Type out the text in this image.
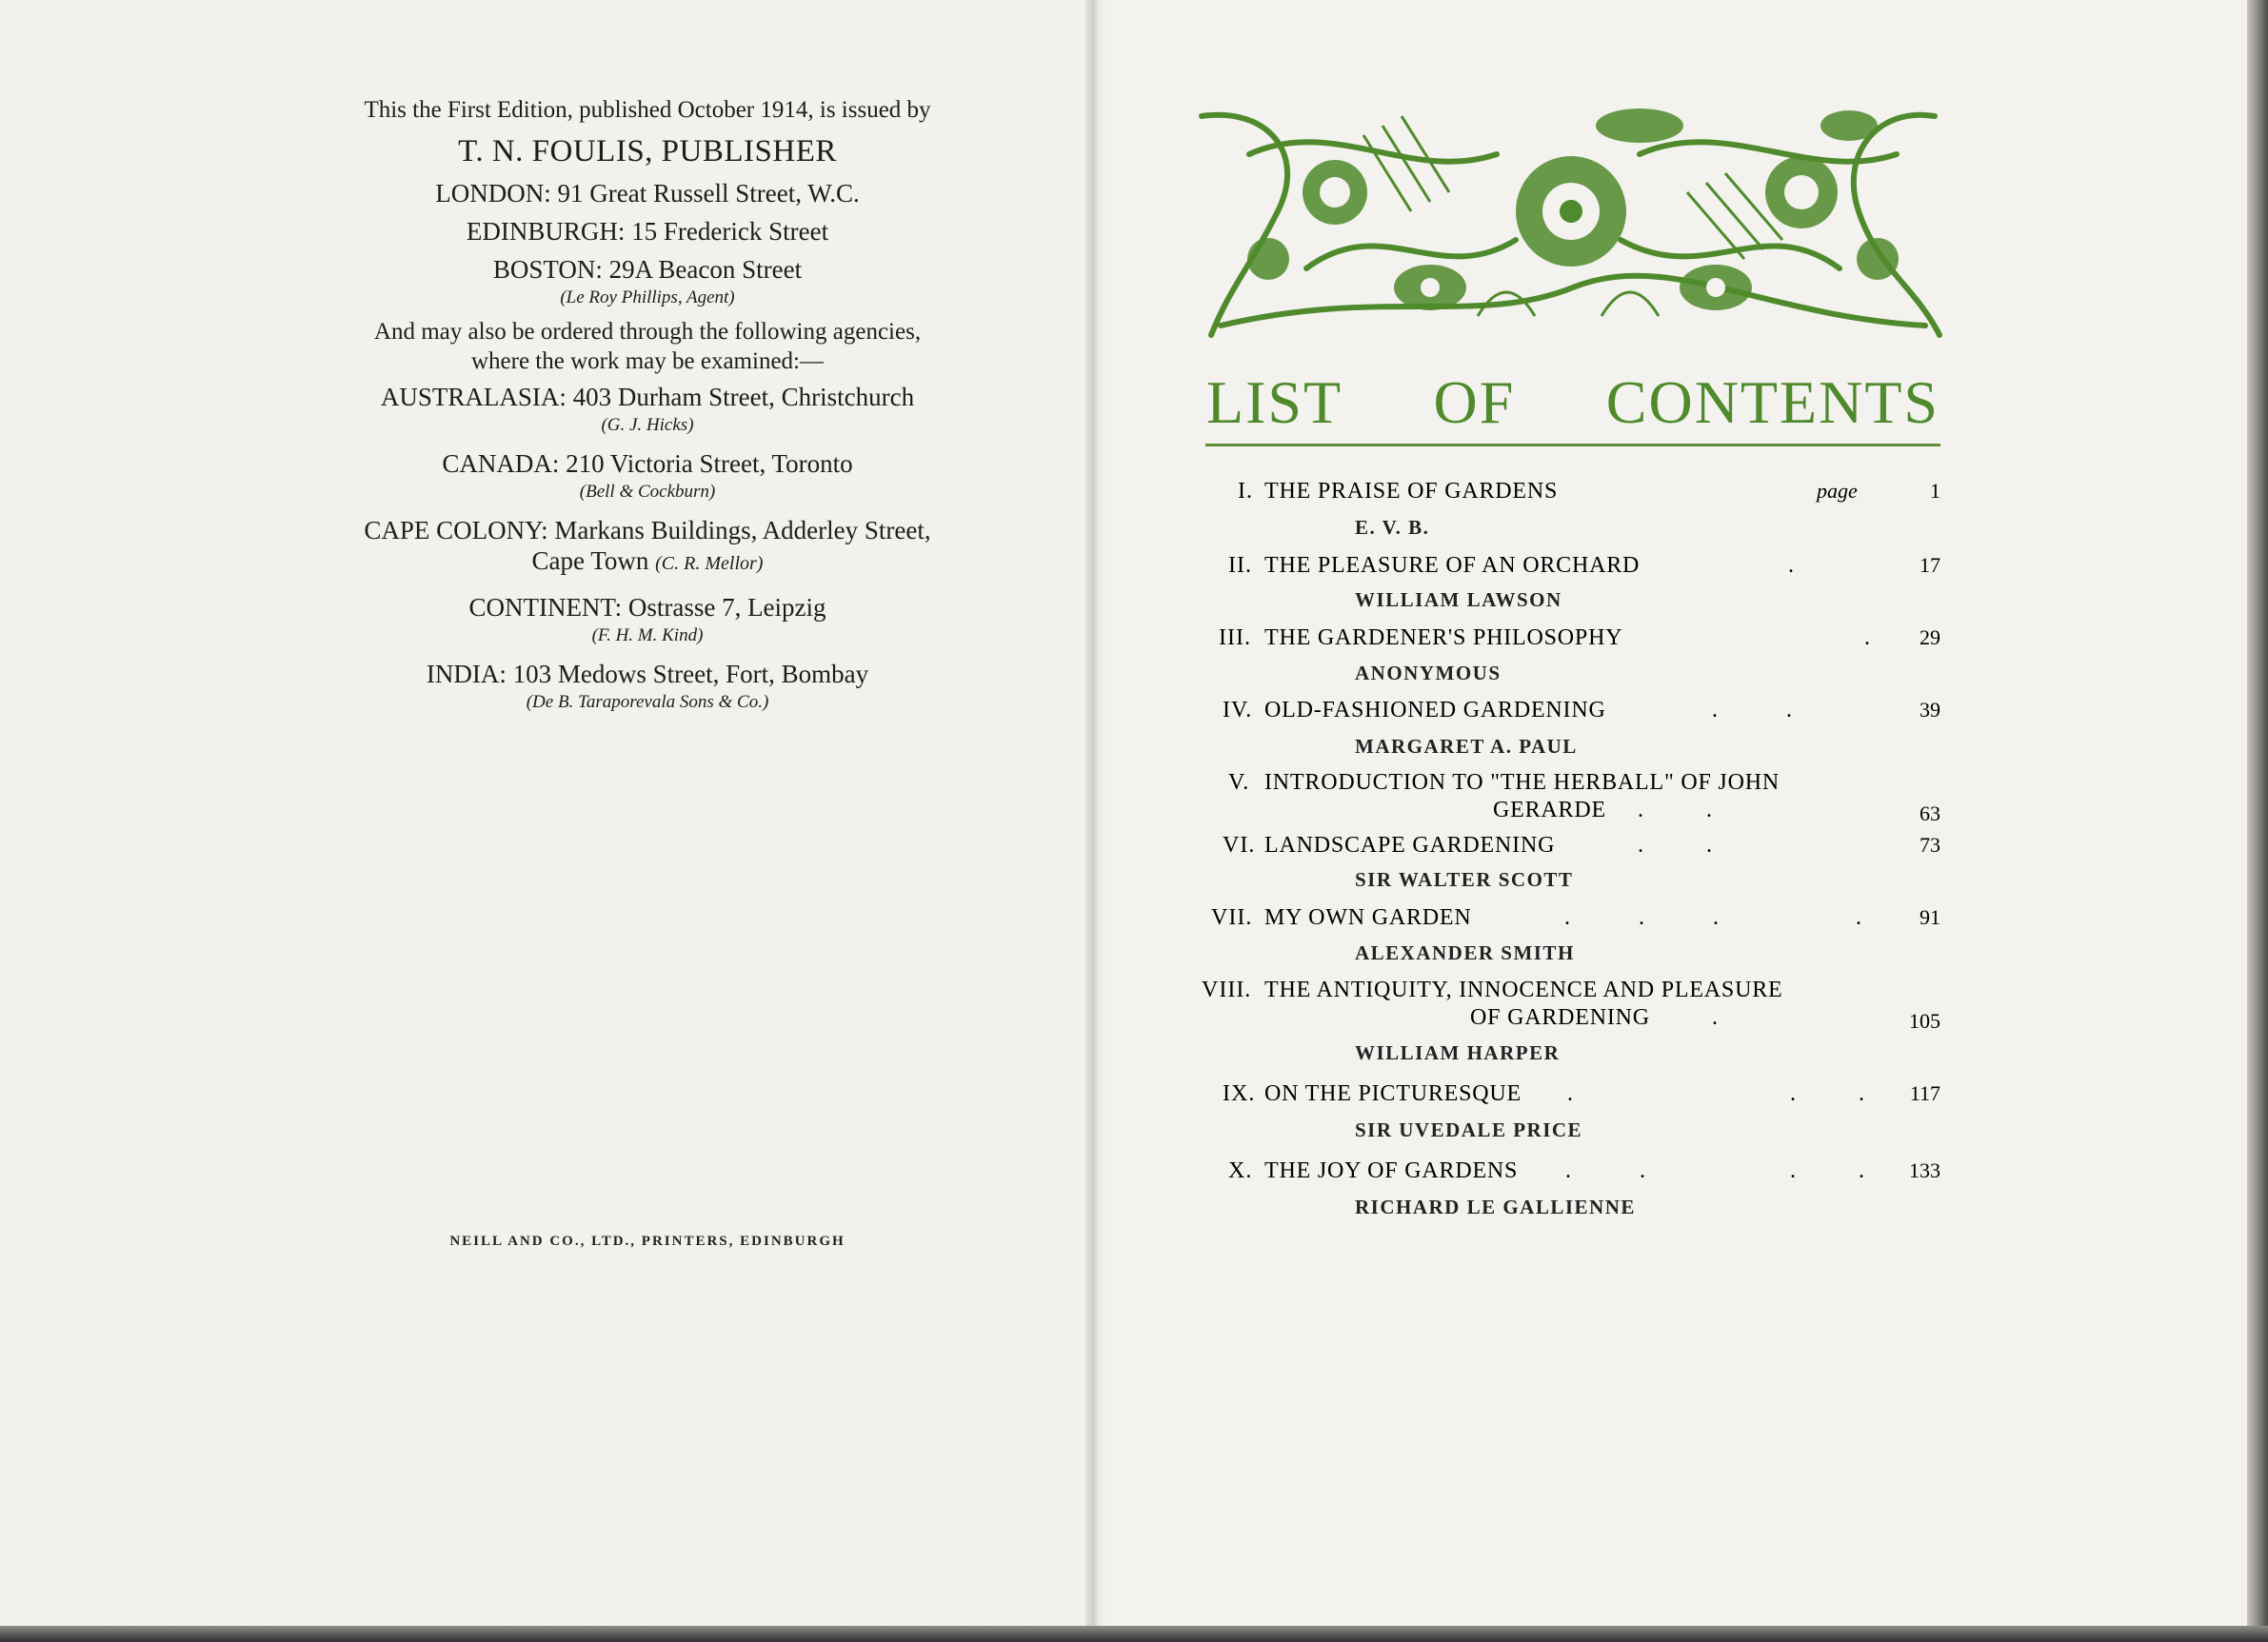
This the First Edition, published October 1914, is issued by
T. N. FOULIS, PUBLISHER
LONDON: 91 Great Russell Street, W.C.
EDINBURGH: 15 Frederick Street
BOSTON: 29A Beacon Street
(Le Roy Phillips, Agent)
And may also be ordered through the following agencies,
where the work may be examined:—
AUSTRALASIA: 403 Durham Street, Christchurch
(G. J. Hicks)
CANADA: 210 Victoria Street, Toronto
(Bell & Cockburn)
CAPE COLONY: Markans Buildings, Adderley Street,
Cape Town (C. R. Mellor)
CONTINENT: Ostrasse 7, Leipzig
(F. H. M. Kind)
INDIA: 103 Medows Street, Fort, Bombay
(De B. Taraporevala Sons & Co.)
NEILL AND CO., LTD., PRINTERS, EDINBURGH
LIST OF CONTENTS
I. THE PRAISE OF GARDENS	page	1
E. V. B.
II. THE PLEASURE OF AN ORCHARD	.	17
WILLIAM LAWSON
III. THE GARDENER'S PHILOSOPHY	. 29
ANONYMOUS
IV. OLD-FASHIONED GARDENING	.            .	39
MARGARET A. PAUL
V. INTRODUCTION TO "THE HERBALL" OF JOHN
GERARDE .           .	63
VI. LANDSCAPE GARDENING	.           .	73
SIR WALTER SCOTT
VII. MY OWN GARDEN	.            .            .                        .	91
ALEXANDER SMITH
VIII. THE ANTIQUITY, INNOCENCE AND PLEASURE
OF GARDENING	.	105
WILLIAM HARPER
IX. ON THE PICTURESQUE .	.           . 117
SIR UVEDALE PRICE
X. THE JOY OF GARDENS .            .	.           . 133
RICHARD LE GALLIENNE
